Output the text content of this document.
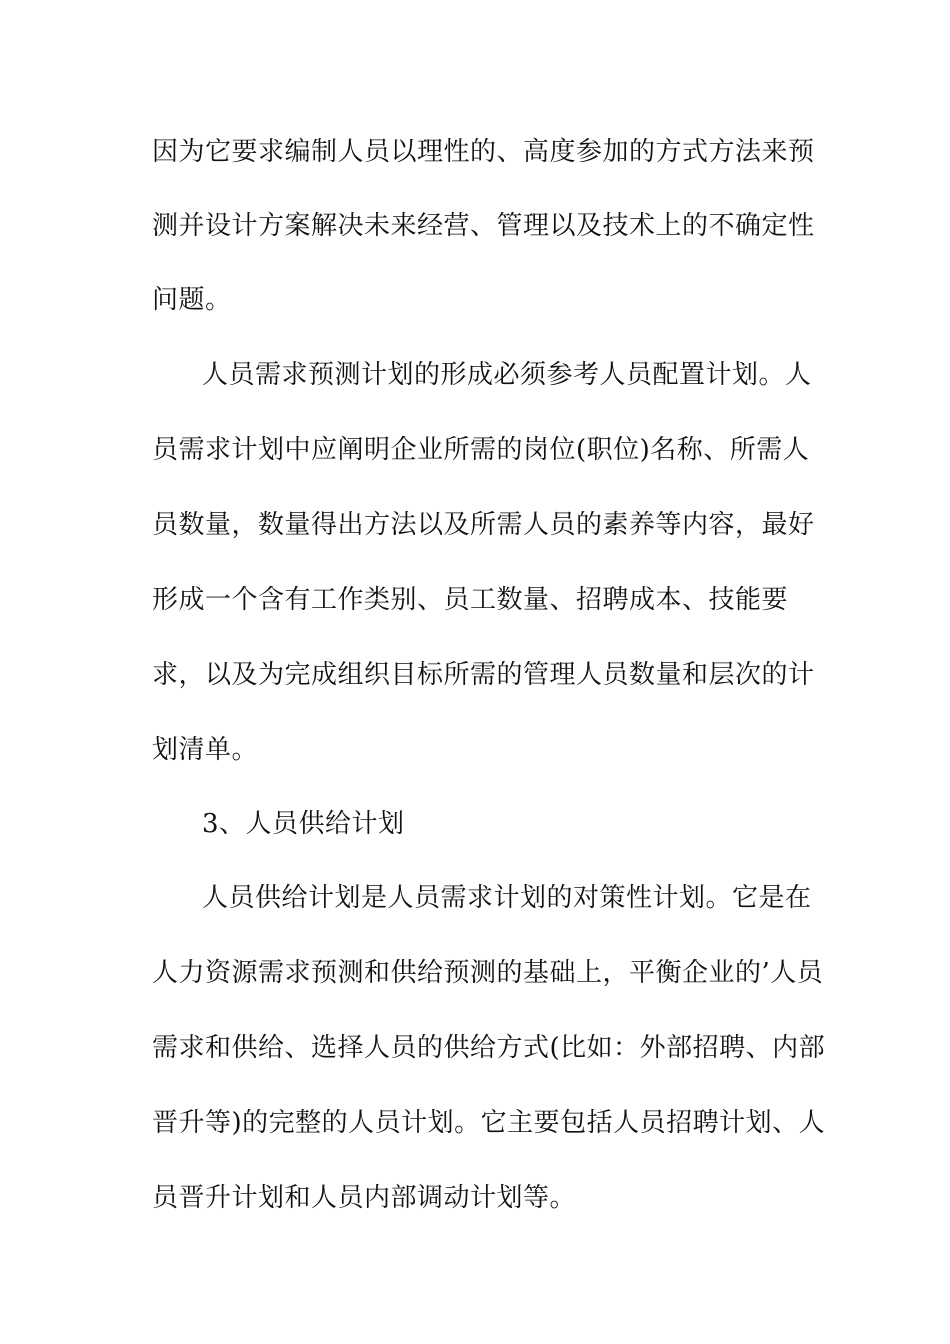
因为它要求编制人员以理性的、高度参加的方式方法来预
测并设计方案解决未来经营、管理以及技术上的不确定性
问题。
人员需求预测计划的形成必须参考人员配置计划。人
员需求计划中应阐明企业所需的岗位(职位)名称、所需人
员数量，数量得出方法以及所需人员的素养等内容，最好
形成一个含有工作类别、员工数量、招聘成本、技能要
求，以及为完成组织目标所需的管理人员数量和层次的计
划清单。
3、人员供给计划
人员供给计划是人员需求计划的对策性计划。它是在
人力资源需求预测和供给预测的基础上，平衡企业的’人员
需求和供给、选择人员的供给方式(比如：外部招聘、内部
晋升等)的完整的人员计划。它主要包括人员招聘计划、人
员晋升计划和人员内部调动计划等。
